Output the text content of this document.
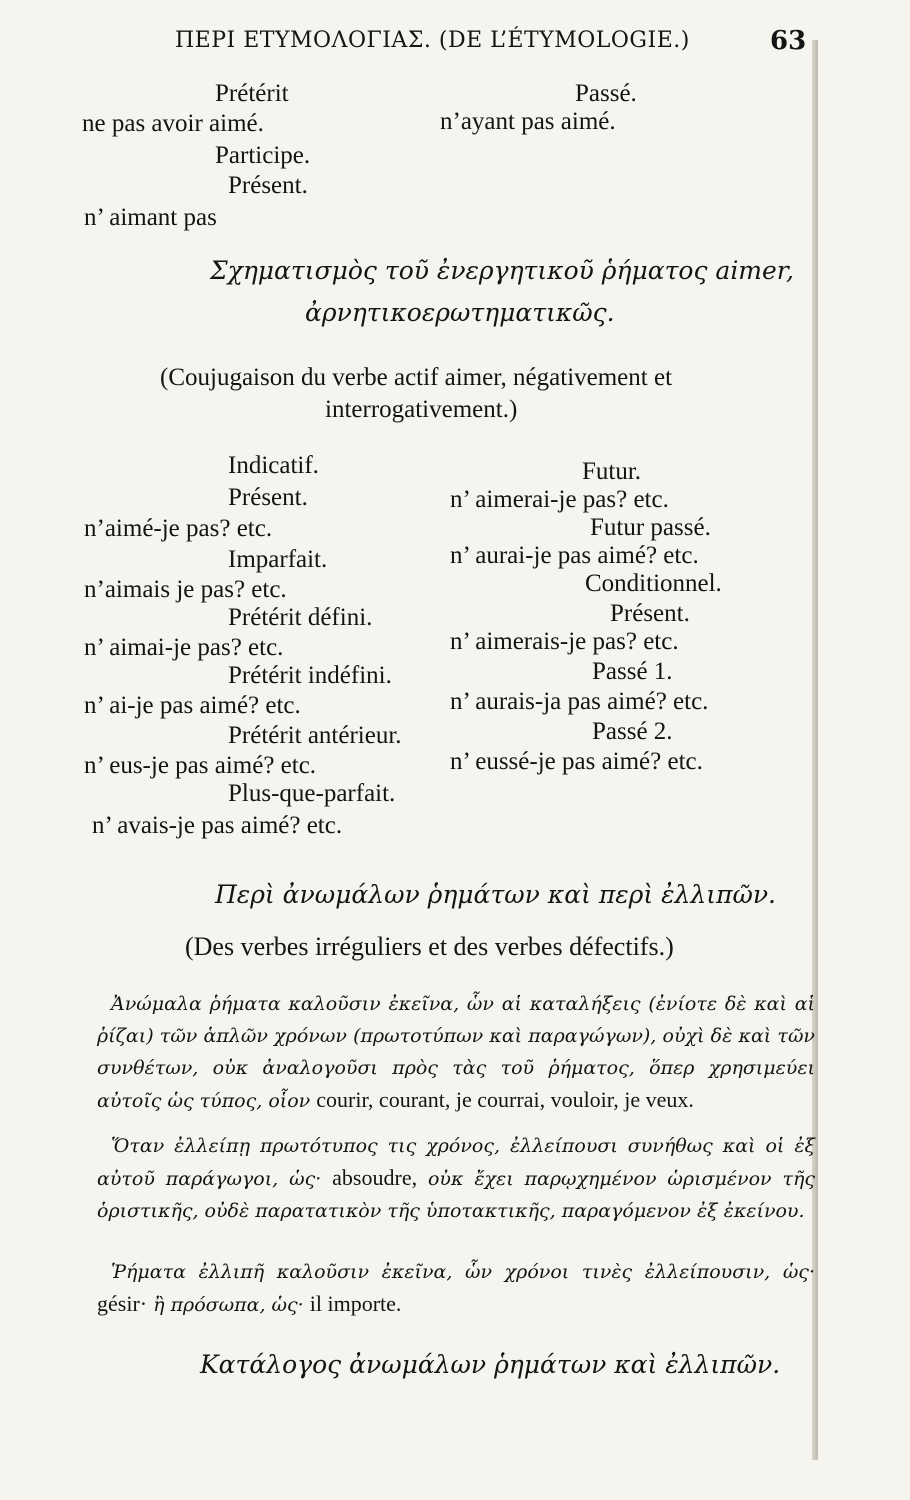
ΠΕΡΙ ΕΤΥΜΟΛΟΓΙΑΣ. (DE L’ÉTYMOLOGIE.)	63
Prétérit	Passé.
ne pas avoir aimé.	n’ayant pas aimé.
Participe.
Présent.
n’ aimant pas
Σχηματισμὸς τοῦ ἐνεργητικοῦ ῥήματος aimer,
ἀρνητικοερωτηματικῶς.
(Coujugaison du verbe actif aimer, négativement et
interrogativement.)
Indicatif.
Présent.
n’aimé-je pas? etc.
Imparfait.
n’aimais je pas? etc.
Prétérit défini.
n’ aimai-je pas? etc.
Prétérit indéfini.
n’ ai-je pas aimé? etc.
Prétérit antérieur.
n’ eus-je pas aimé? etc.
Plus-que-parfait.
n’ avais-je pas aimé? etc.
Futur.
n’ aimerai-je pas? etc.
Futur passé.
n’ aurai-je pas aimé? etc.
Conditionnel.
Présent.
n’ aimerais-je pas? etc.
Passé 1.
n’ aurais-ja pas aimé? etc.
Passé 2.
n’ eussé-je pas aimé? etc.
Περὶ ἀνωμάλων ῥημάτων καὶ περὶ ἐλλιπῶν.
(Des verbes irréguliers et des verbes défectifs.)
Ἀνώμαλα ῥήματα καλοῦσιν ἐκεῖνα, ὧν αἱ καταλήξεις (ἐνίοτε δὲ καὶ αἱ ῥίζαι) τῶν ἁπλῶν χρόνων (πρωτοτύπων καὶ παραγώγων), οὐχὶ δὲ καὶ τῶν συνθέτων, οὐκ ἀναλογοῦσι πρὸς τὰς τοῦ ῥήματος, ὅπερ χρησιμεύει αὐτοῖς ὡς τύπος, οἷον courir, courant, je courrai, vouloir, je veux.
Ὅταν ἐλλείπῃ πρωτότυπος τις χρόνος, ἐλλείπουσι συνήθως καὶ οἱ ἐξ αὐτοῦ παράγωγοι, ὡς· absoudre, οὐκ ἔχει παρῳχημένον ὡρισμένον τῆς ὁριστικῆς, οὐδὲ παρατατικὸν τῆς ὑποτακτικῆς, παραγόμενον ἐξ ἐκείνου.
Ῥήματα ἐλλιπῆ καλοῦσιν ἐκεῖνα, ὧν χρόνοι τινὲς ἐλλείπουσιν, ὡς· gésir· ἢ πρόσωπα, ὡς· il importe.
Κατάλογος ἀνωμάλων ῥημάτων καὶ ἐλλιπῶν.
